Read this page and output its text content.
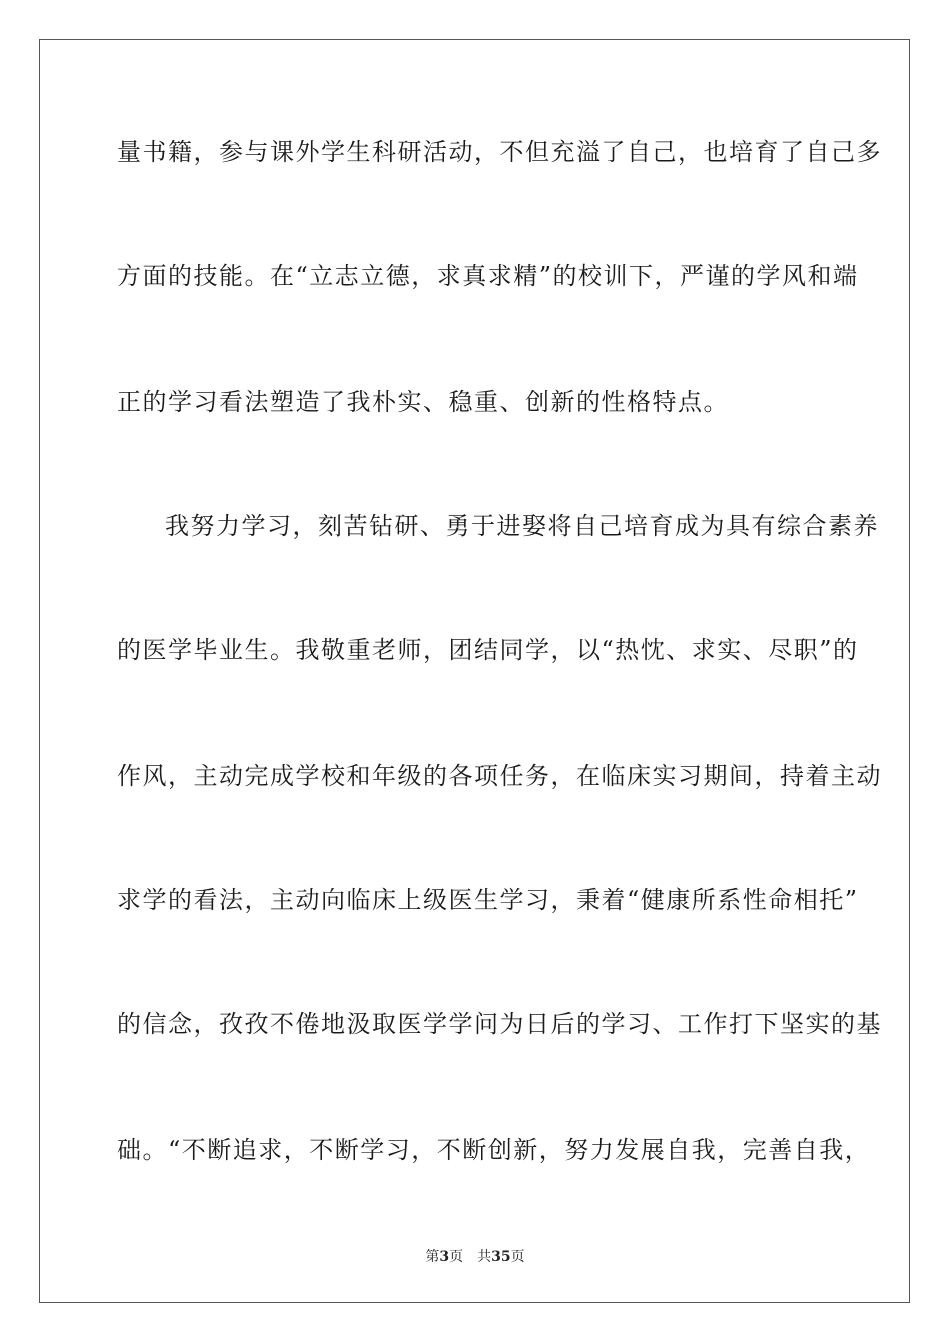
量书籍，参与课外学生科研活动，不但充溢了自己，也培育了自己多
方面的技能。在“立志立德，求真求精”的校训下，严谨的学风和端
正的学习看法塑造了我朴实、稳重、创新的性格特点。
我努力学习，刻苦钻研、勇于进娶将自己培育成为具有综合素养
的医学毕业生。我敬重老师，团结同学，以“热忱、求实、尽职”的
作风，主动完成学校和年级的各项任务，在临床实习期间，持着主动
求学的看法，主动向临床上级医生学习，秉着“健康所系性命相托”
的信念，孜孜不倦地汲取医学学问为日后的学习、工作打下坚实的基
础。“不断追求，不断学习，不断创新，努力发展自我，完善自我，
第3页 共35页
